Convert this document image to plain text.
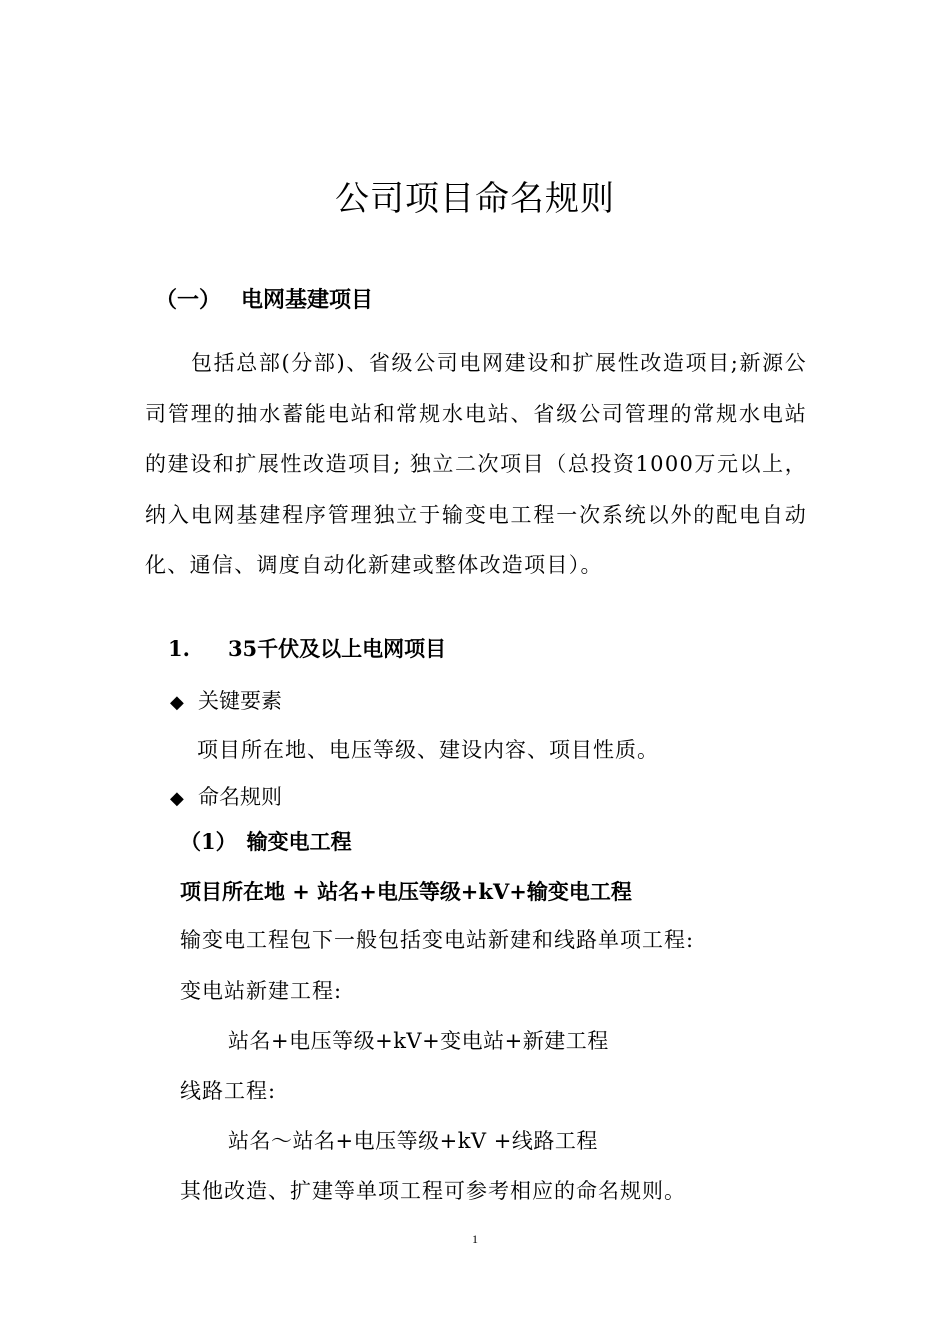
公司项目命名规则
（一） 电网基建项目
包括总部(分部)、省级公司电网建设和扩展性改造项目;新源公司管理的抽水蓄能电站和常规水电站、省级公司管理的常规水电站的建设和扩展性改造项目; 独立二次项目（总投资1000万元以上，纳入电网基建程序管理独立于输变电工程一次系统以外的配电自动化、通信、调度自动化新建或整体改造项目）。
1. 35千伏及以上电网项目
◆ 关键要素
项目所在地、电压等级、建设内容、项目性质。
◆ 命名规则
（1） 输变电工程
项目所在地 + 站名+电压等级+kV+输变电工程
输变电工程包下一般包括变电站新建和线路单项工程:
变电站新建工程:
站名+电压等级+kV+变电站+新建工程
线路工程:
站名～站名+电压等级+kV +线路工程
其他改造、扩建等单项工程可参考相应的命名规则。
1
